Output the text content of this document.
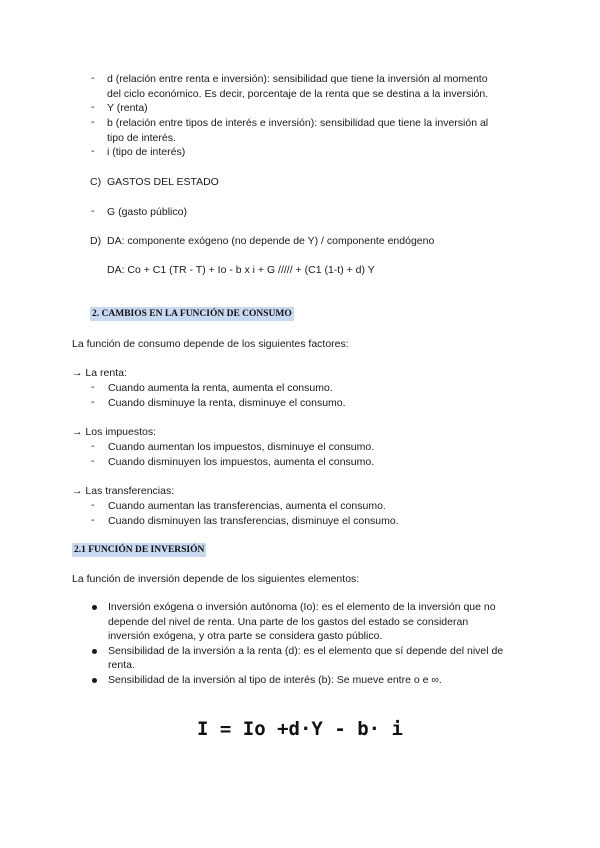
- d (relación entre renta e inversión): sensibilidad que tiene la inversión al momento
del ciclo económico. Es decir, porcentaje de la renta que se destina a la inversión.
- Y (renta)
- b (relación entre tipos de interés e inversión): sensibilidad que tiene la inversión al
tipo de interés.
- i (tipo de interés)
C) GASTOS DEL ESTADO
- G (gasto público)
D) DA: componente exógeno (no depende de Y) / componente endógeno
DA: Co + C1 (TR - T) + Io - b x i + G ///// + (C1 (1-t) + d) Y
2. CAMBIOS EN LA FUNCIÓN DE CONSUMO
La función de consumo depende de los siguientes factores:
→ La renta:
- Cuando aumenta la renta, aumenta el consumo.
- Cuando disminuye la renta, disminuye el consumo.
→ Los impuestos:
- Cuando aumentan los impuestos, disminuye el consumo.
- Cuando disminuyen los impuestos, aumenta el consumo.
→ Las transferencias:
- Cuando aumentan las transferencias, aumenta el consumo.
- Cuando disminuyen las transferencias, disminuye el consumo.
2.1 FUNCIÓN DE INVERSIÓN
La función de inversión depende de los siguientes elementos:
Inversión exógena o inversión autónoma (Io): es el elemento de la inversión que no
depende del nivel de renta. Una parte de los gastos del estado se consideran
inversión exógena, y otra parte se considera gasto público.
Sensibilidad de la inversión a la renta (d): es el elemento que sí depende del nivel de
renta.
Sensibilidad de la inversión al tipo de interés (b): Se mueve entre o e ∞.
I = Io +d·Y - b· i
